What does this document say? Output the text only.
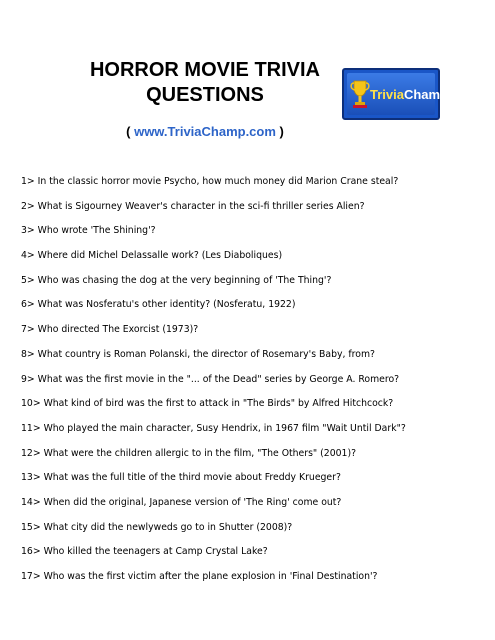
HORROR MOVIE TRIVIA
QUESTIONS	TriviaChamp
( www.TriviaChamp.com )
1> In the classic horror movie Psycho, how much money did Marion Crane steal?
2> What is Sigourney Weaver's character in the sci-fi thriller series Alien?
3> Who wrote 'The Shining'?
4> Where did Michel Delassalle work? (Les Diaboliques)
5> Who was chasing the dog at the very beginning of 'The Thing'?
6> What was Nosferatu's other identity? (Nosferatu, 1922)
7> Who directed The Exorcist (1973)?
8> What country is Roman Polanski, the director of Rosemary's Baby, from?
9> What was the first movie in the "... of the Dead" series by George A. Romero?
10> What kind of bird was the first to attack in "The Birds" by Alfred Hitchcock?
11> Who played the main character, Susy Hendrix, in 1967 film "Wait Until Dark"?
12> What were the children allergic to in the film, "The Others" (2001)?
13> What was the full title of the third movie about Freddy Krueger?
14> When did the original, Japanese version of 'The Ring' come out?
15> What city did the newlyweds go to in Shutter (2008)?
16> Who killed the teenagers at Camp Crystal Lake?
17> Who was the first victim after the plane explosion in 'Final Destination'?
